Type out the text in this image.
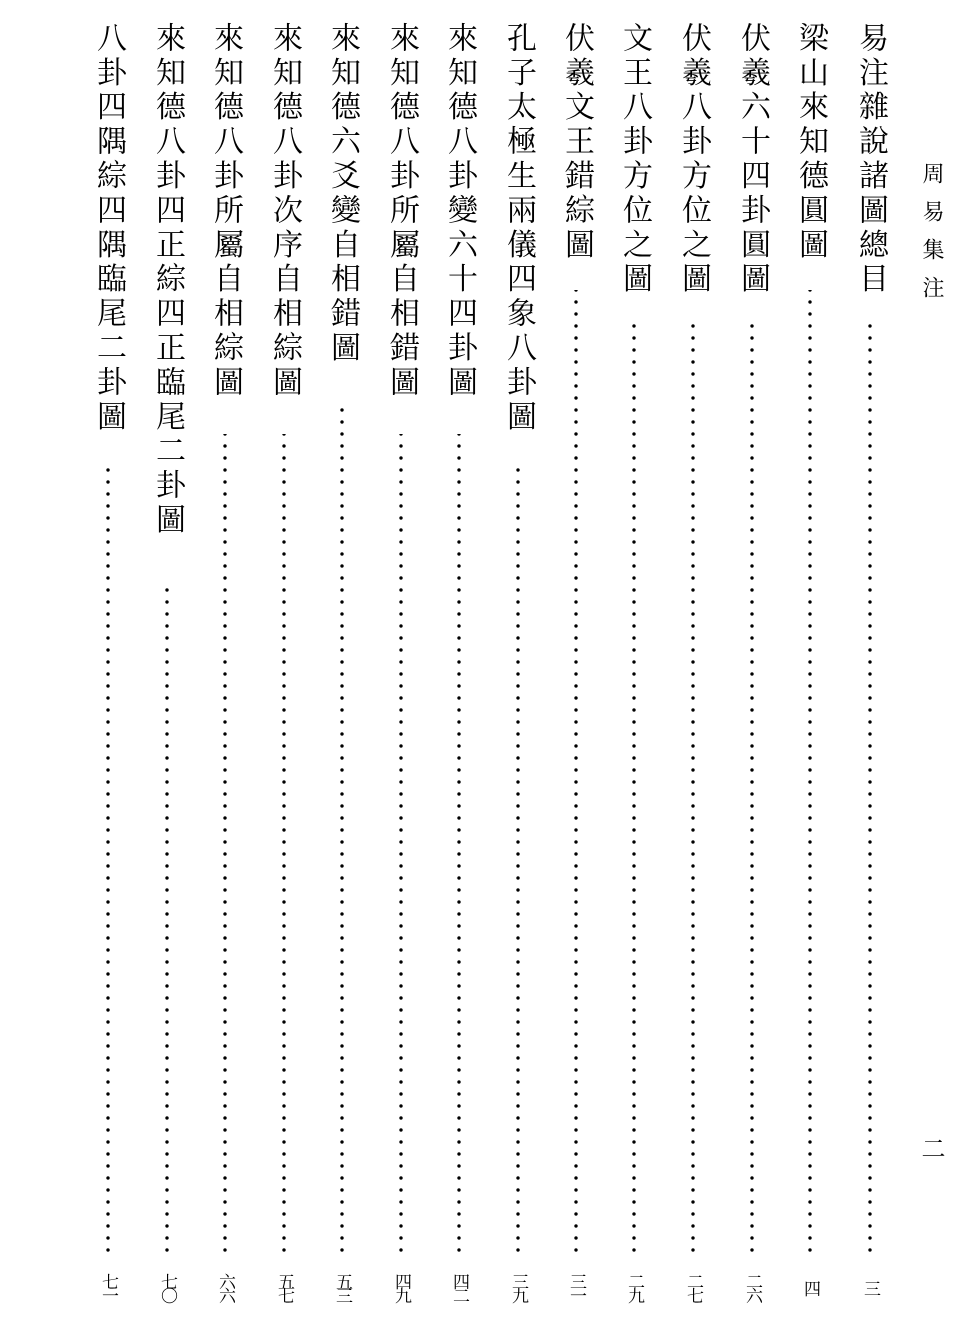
周易集注
二
易注雜說諸圖總目
三
梁山來知德圓圖
四
伏羲六十四卦圓圖
二六
伏羲八卦方位之圖
二七
文王八卦方位之圖
二九
伏羲文王錯綜圖
三一
孔子太極生兩儀四象八卦圖
三九
來知德八卦變六十四卦圖
四二
來知德八卦所屬自相錯圖
四九
來知德六爻變自相錯圖
五三
來知德八卦次序自相綜圖
五七
來知德八卦所屬自相綜圖
六六
來知德八卦四正綜四正臨尾二卦圖
七〇
八卦四隅綜四隅臨尾二卦圖
七一
